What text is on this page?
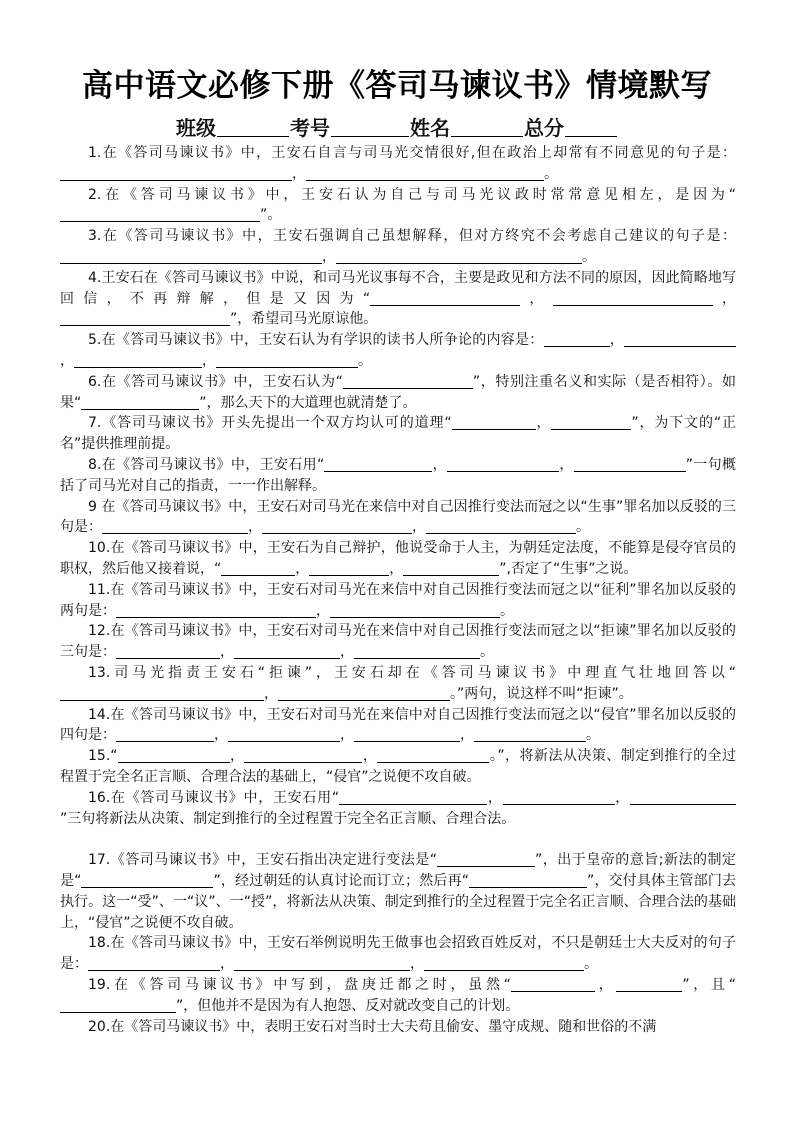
高中语文必修下册《答司马谏议书》情境默写
班级	考号	姓名	总分

1.在《答司马谏议书》中，王安石自言与司马光交情很好,但在政治上却常有不同意见的句子是：，	。

2.在《答司马谏议书》中，王安石认为自己与司马光议政时常常意见相左，是因为“”。

3.在《答司马谏议书》中，王安石强调自己虽想解释，但对方终究不会考虑自己建议的句子是：，	。

4.王安石在《答司马谏议书》中说，和司马光议事每不合，主要是政见和方法不同的原因，因此简略地写回信，不再辩解，但是又因为“	，	，”，希望司马光原谅他。

5.在《答司马谏议书》中，王安石认为有学识的读书人所争论的内容是：	，，	，	。

6.在《答司马谏议书》中，王安石认为“	”，特别注重名义和实际（是否相符）。如果“	”，那么天下的大道理也就清楚了。

7.《答司马谏议书》开头先提出一个双方均认可的道理“	，	”，为下文的“正名”提供推理前提。

8.在《答司马谏议书》中，王安石用“	，	，	”一句概括了司马光对自己的指责，一一作出解释。

9 在《答司马谏议书》中，王安石对司马光在来信中对自己因推行变法而冠之以“生事”罪名加以反驳的三句是：	，	，	。

10.在《答司马谏议书》中，王安石为自己辩护，他说受命于人主，为朝廷定法度，不能算是侵夺官员的职权，然后他又接着说，“	，	，	”,否定了“生事”之说。

11.在《答司马谏议书》中，王安石对司马光在来信中对自己因推行变法而冠之以“征利”罪名加以反驳的两句是：	，	。

12.在《答司马谏议书》中，王安石对司马光在来信中对自己因推行变法而冠之以“拒谏”罪名加以反驳的三句是：	，	，	。

13.司马光指责王安石“拒谏”，王安石却在《答司马谏议书》中理直气壮地回答以“，	。”两句，说这样不叫“拒谏”。

14.在《答司马谏议书》中，王安石对司马光在来信中对自己因推行变法而冠之以“侵官”罪名加以反驳的四句是：	，	，	，	。

15.“	，	，	。”，将新法从决策、制定到推行的全过程置于完全名正言顺、合理合法的基础上，“侵官”之说便不攻自破。

16.在《答司马谏议书》中，王安石用“	，	，”三句将新法从决策、制定到推行的全过程置于完全名正言顺、合理合法。

17.《答司马谏议书》中，王安石指出决定进行变法是“	”，出于皇帝的意旨;新法的制定是“	”，经过朝廷的认真讨论而订立；然后再“	”，交付具体主管部门去执行。这一“受”、一“议”、一“授”，将新法从决策、制定到推行的全过程置于完全名正言顺、合理合法的基础上，“侵官”之说便不攻自破。

18.在《答司马谏议书》中，王安石举例说明先王做事也会招致百姓反对，不只是朝廷士大夫反对的句子是：	，	，	。

19.在《答司马谏议书》中写到，盘庚迁都之时，虽然“	，	”，且“”，但他并不是因为有人抱怨、反对就改变自己的计划。

20.在《答司马谏议书》中，表明王安石对当时士大夫苟且偷安、墨守成规、随和世俗的不满
